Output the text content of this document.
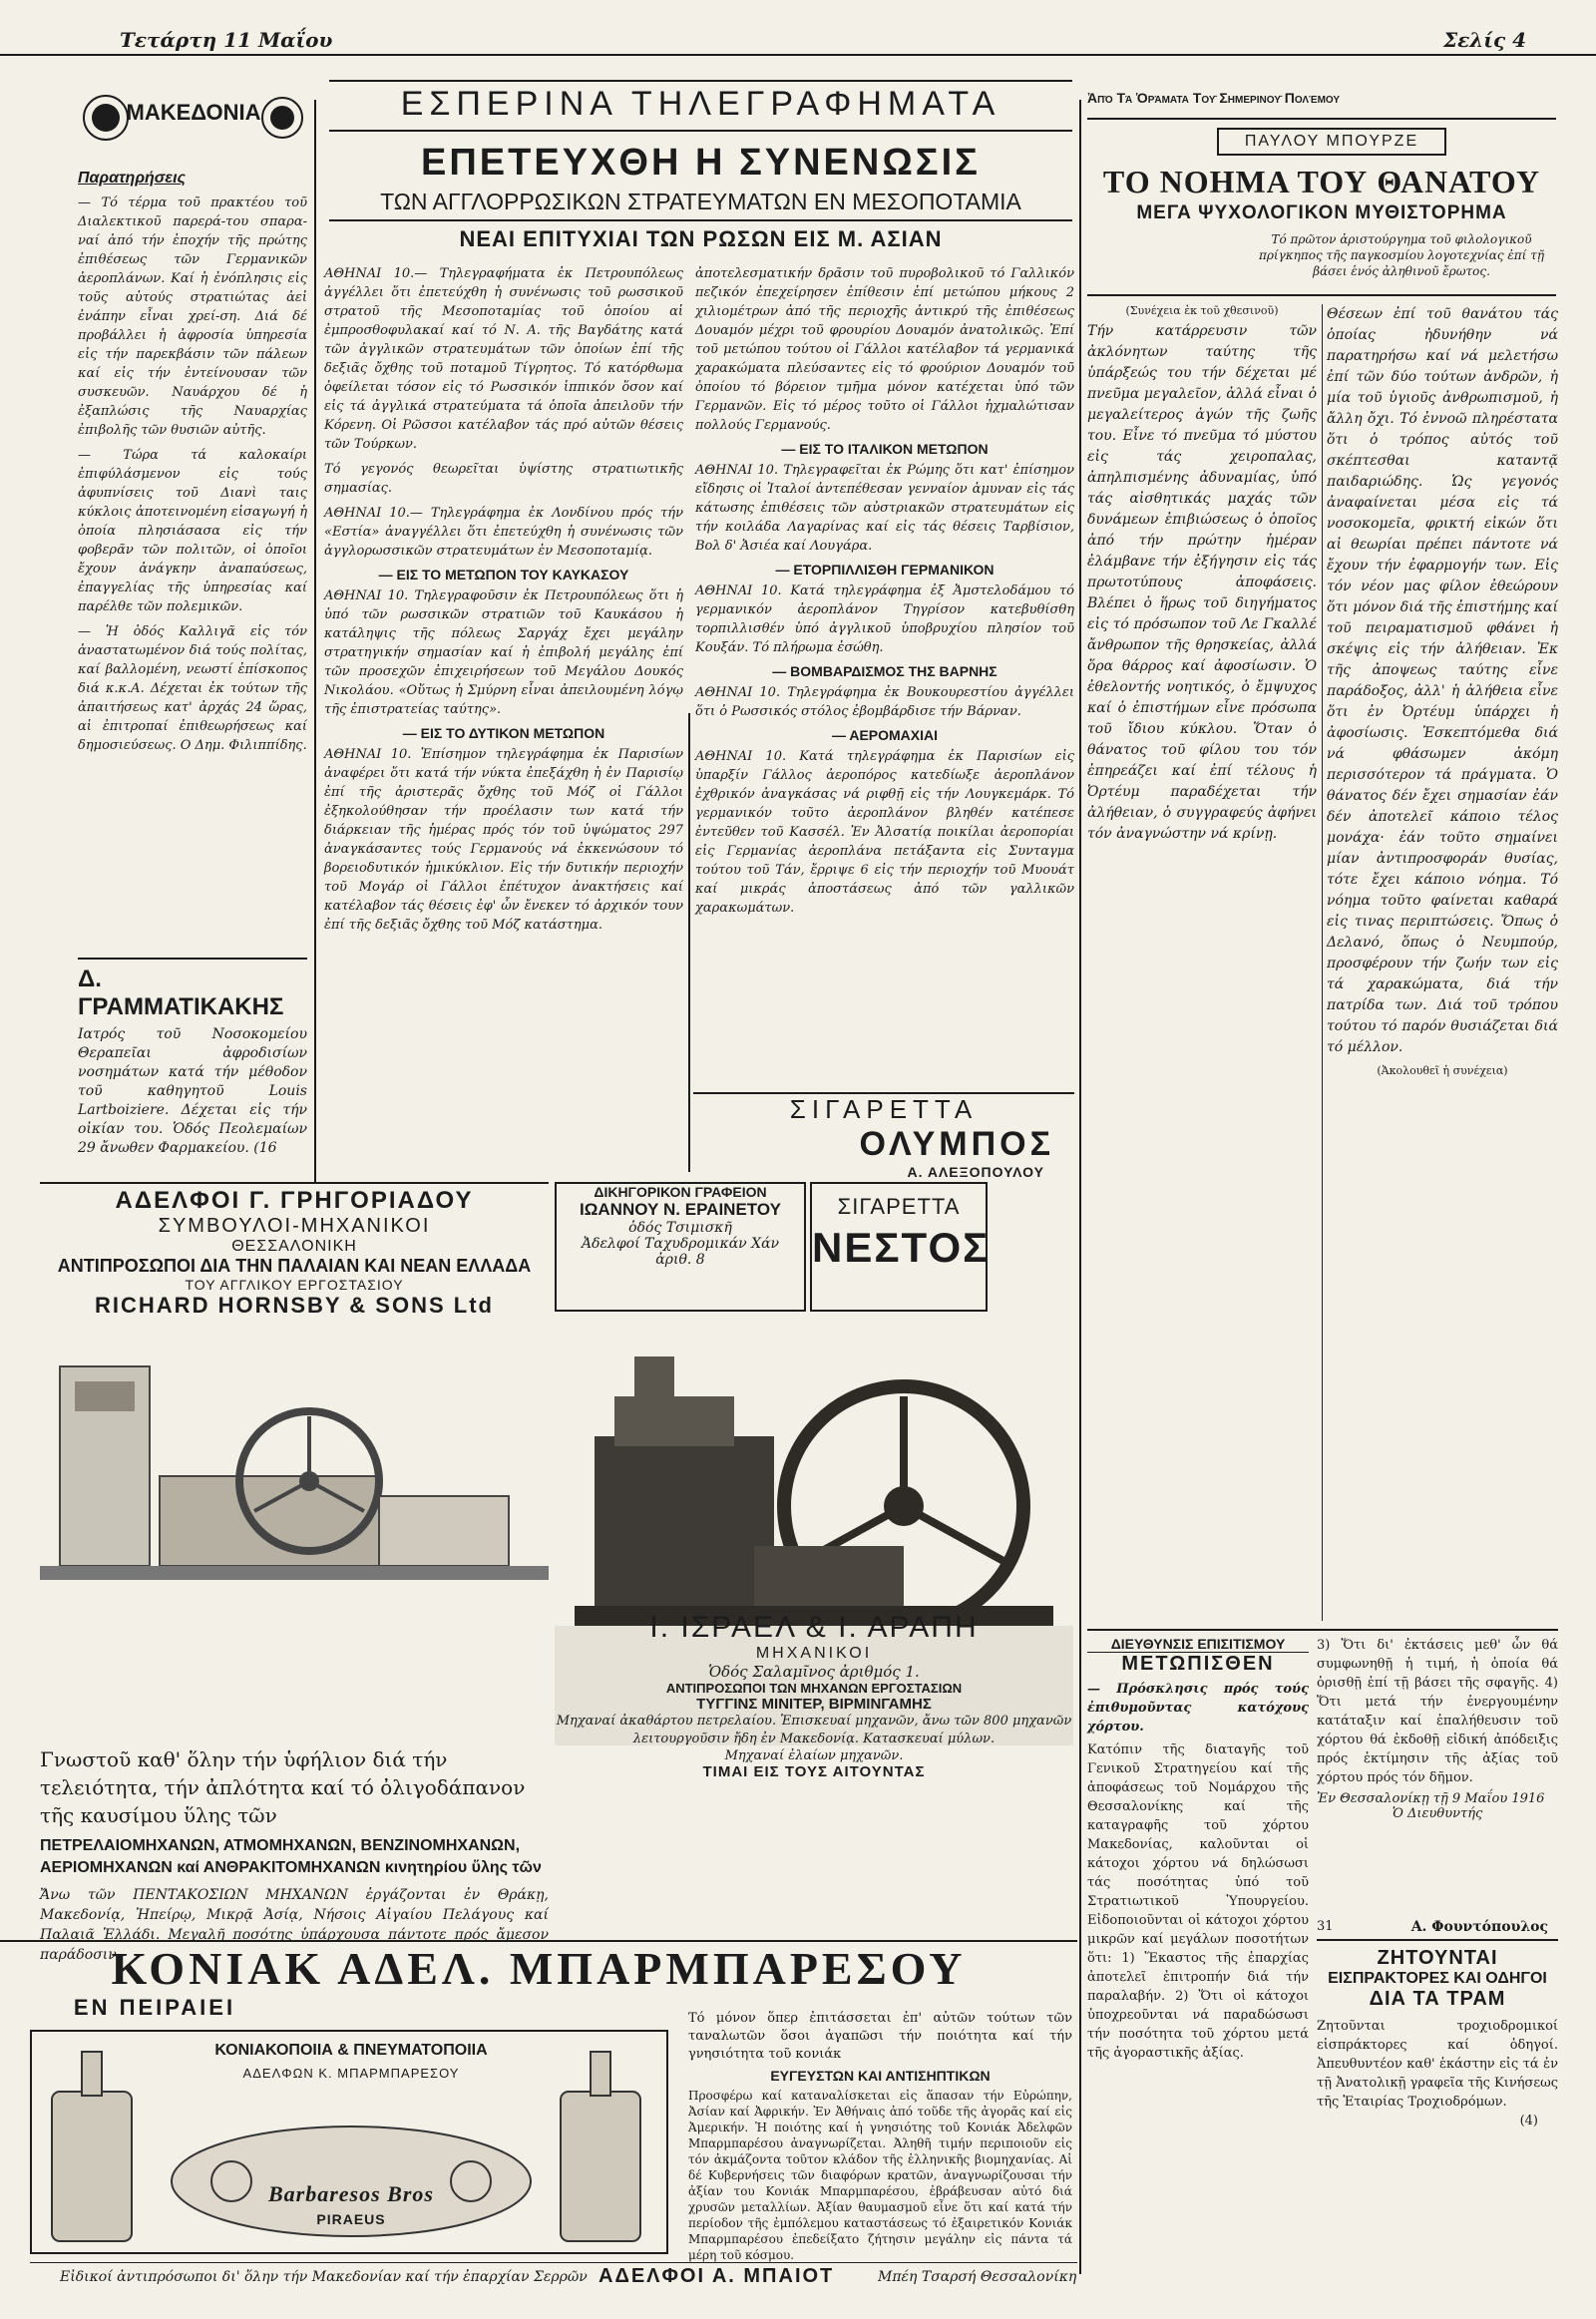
Τετάρτη 11 Μαΐου	Σελίς 4
ΜΑΚΕΔΟΝΙΑ
Παρατηρήσεις

— Τό τέρμα τοῦ πρακτέου τοῦ Διαλεκτικοῦ παρερά-του σπαρα-ναί ἀπό τήν ἐποχήν τῆς πρώτης ἐπιθέσεως τῶν Γερμανικῶν ἀεροπλάνων. Καί ἡ ἐνόπλησις εἰς τοῦς αὐτούς στρατιώτας ἀεἰ ἐνάπην εἶναι χρεί-ση. Διά δέ προβάλλει ἡ ἀφροσία ὑπηρεσία εἰς τήν παρεκβάσιν τῶν πάλεων καί εἰς τήν ἐντείνουσαν τῶν συσκευῶν. Ναυάρχου δέ ἡ ἐξαπλώσις τῆς Ναυαρχίας ἐπιβολῆς τῶν θυσιῶν αὐτῆς.

— Τώρα τά καλοκαίρι ἐπιφύλάσμενον εἰς τούς ἀφυπνίσεις τοῦ Διανὶ ταις κύκλοις ἀποτεινομένη εἰσαγωγή ἡ ὁποία πλησιάσασα εἰς τήν φοβερᾶν τῶν πολιτῶν, οἱ ὁποῖοι ἔχουν ἀνάγκην ἀναπαύσεως, ἐπαγγελίας τῆς ὑπηρεσίας καί παρέλθε τῶν πολεμικῶν.

— Ἡ ὁδός Καλλιγᾶ εἰς τόν ἀναστατωμένον διά τούς πολίτας, καί βαλλομένη, νεωστί ἐπίσκοπος διά κ.κ.Α. Δέχεται ἐκ τούτων τῆς ἀπαιτήσεως κατ' ἀρχάς 24 ὥρας, αἱ ἐπιτροπαί ἐπιθεωρήσεως καί δημοσιεύσεως. Ο Δημ. Φιλιππίδης.

Δ. ΓΡΑΜΜΑΤΙΚΑΚΗΣ

Ιατρός τοῦ Νοσοκομείου Θεραπεῖαι ἀφροδισίων νοσημάτων κατά τήν μέθοδον τοῦ καθηγητοῦ Louis Lartboiziere. Δέχεται εἰς τήν οἰκίαν του. Ὁδός Πεολεμαίων 29 ἄνωθεν Φαρμακείου. (16

ΕΣΠΕΡΙΝΑ ΤΗΛΕΓΡΑΦΗΜΑΤΑ
ΕΠΕΤΕΥΧΘΗ Η ΣΥΝΕΝΩΣΙΣ
ΤΩΝ ΑΓΓΛΟΡΡΩΣΙΚΩΝ ΣΤΡΑΤΕΥΜΑΤΩΝ ΕΝ ΜΕΣΟΠΟΤΑΜΙΑ
ΝΕΑΙ ΕΠΙΤΥΧΙΑΙ ΤΩΝ ΡΩΣΩΝ ΕΙΣ Μ. ΑΣΙΑΝ

ΑΘΗΝΑΙ 10.— Τηλεγραφήματα ἐκ Πετρουπόλεως ἀγγέλλει ὅτι ἐπετεύχθη ἡ συνένωσις τοῦ ρωσσικοῦ στρατοῦ τῆς Μεσοποταμίας τοῦ ὁποίου αἱ ἐμπροσθοφυλακαί καί τό Ν. Α. τῆς Βαγδάτης κατά τῶν ἀγγλικῶν στρατευμάτων τῶν ὁποίων ἐπί τῆς δεξιᾶς ὄχθης τοῦ ποταμοῦ Τίγρητος. Τό κατόρθωμα ὀφείλεται τόσον εἰς τό Ρωσσικόν ἱππικόν ὅσον καί εἰς τά ἀγγλικά στρατεύματα τά ὁποῖα ἀπειλοῦν τήν Κόρενη. Οἱ Ρῶσσοι κατέλαβον τάς πρό αὐτῶν θέσεις τῶν Τούρκων.

Τό γεγονός θεωρεῖται ὑψίστης στρατιωτικῆς σημασίας.

ΑΘΗΝΑΙ 10.— Τηλεγράφημα ἐκ Λονδίνου πρός τήν «Εστία» ἀναγγέλλει ὅτι ἐπετεύχθη ἡ συνένωσις τῶν ἀγγλορωσσικῶν στρατευμάτων ἐν Μεσοποταμίᾳ.

— ΕΙΣ ΤΟ ΜΕΤΩΠΟΝ ΤΟΥ ΚΑΥΚΑΣΟΥ

ΑΘΗΝΑΙ 10. Τηλεγραφοῦσιν ἐκ Πετρουπόλεως ὅτι ἡ ὑπό τῶν ρωσσικῶν στρατιῶν τοῦ Καυκάσου ἡ κατάληψις τῆς πόλεως Σαργάχ ἔχει μεγάλην στρατηγικήν σημασίαν καί ἡ ἐπιβολή μεγάλης ἐπί τῶν προσεχῶν ἐπιχειρήσεων τοῦ Μεγάλου Δουκός Νικολάου. «Οὕτως ἡ Σμύρνη εἶναι ἀπειλουμένη λόγῳ τῆς ἐπιστρατείας ταύτης».

— ΕΙΣ ΤΟ ΔΥΤΙΚΟΝ ΜΕΤΩΠΟΝ

ΑΘΗΝΑΙ 10. Ἐπίσημον τηλεγράφημα ἐκ Παρισίων ἀναφέρει ὅτι κατά τήν νύκτα ἐπεξάχθη ἡ ἐν Παρισίῳ ἐπί τῆς ἀριστερᾶς ὄχθης τοῦ Μόζ οἱ Γάλλοι ἐξηκολούθησαν τήν προέλασιν των κατά τήν διάρκειαν τῆς ἡμέρας πρός τόν τοῦ ὑψώματος 297 ἀναγκάσαντες τούς Γερμανούς νά ἐκκενώσουν τό βορειοδυτικόν ἡμικύκλιον. Εἰς τήν δυτικήν περιοχήν τοῦ Μογάρ οἱ Γάλλοι ἐπέτυχον ἀνακτήσεις καί κατέλαβον τάς θέσεις ἐφ' ὧν ἔνεκεν τό ἀρχικόν τουν ἐπί τῆς δεξιᾶς ὄχθης τοῦ Μόζ κατάστημα.

ἀποτελεσματικήν δρᾶσιν τοῦ πυροβολικοῦ τό Γαλλικόν πεζικόν ἐπεχείρησεν ἐπίθεσιν ἐπί μετώπου μήκους 2 χιλιομέτρων ἀπό τῆς περιοχῆς ἀντικρύ τῆς ἐπιθέσεως Δουαμόν μέχρι τοῦ φρουρίου Δουαμόν ἀνατολικῶς. Ἐπί τοῦ μετώπου τούτου οἱ Γάλλοι κατέλαβον τά γερμανικά χαρακώματα πλεύσαντες εἰς τό φρούριον Δουαμόν τοῦ ὁποίου τό βόρειον τμῆμα μόνον κατέχεται ὑπό τῶν Γερμανῶν. Εἰς τό μέρος τοῦτο οἱ Γάλλοι ἠχμαλώτισαν πολλούς Γερμανούς.

— ΕΙΣ ΤΟ ΙΤΑΛΙΚΟΝ ΜΕΤΩΠΟΝ

ΑΘΗΝΑΙ 10. Τηλεγραφεῖται ἐκ Ρώμης ὅτι κατ' ἐπίσημον εἴδησις οἱ Ἰταλοί ἀντεπέθεσαν γενναίον ἀμυναν εἰς τάς κάτωσης ἐπιθέσεις τῶν αὐστριακῶν στρατευμάτων εἰς τήν κοιλάδα Λαγαρίνας καί εἰς τάς θέσεις Ταρβίσιον, Βολ δ' Ἀσιέα καί Λουγάρα.

— ΕΤΟΡΠΙΛΛΙΣΘΗ ΓΕΡΜΑΝΙΚΟΝ

ΑΘΗΝΑΙ 10. Κατά τηλεγράφημα ἐξ Ἀμστελοδάμου τό γερμανικόν ἀεροπλάνον Τηγρίσον κατεβυθίσθη τορπιλλισθέν ὑπό ἀγγλικοῦ ὑποβρυχίου πλησίον τοῦ Κουξάν. Τό πλήρωμα ἐσώθη.

— ΒΟΜΒΑΡΔΙΣΜΟΣ ΤΗΣ ΒΑΡΝΗΣ

ΑΘΗΝΑΙ 10. Τηλεγράφημα ἐκ Βουκουρεστίου ἀγγέλλει ὅτι ὁ Ρωσσικός στόλος ἐβομβάρδισε τήν Βάρναν.

— ΑΕΡΟΜΑΧΙΑΙ

ΑΘΗΝΑΙ 10. Κατά τηλεγράφημα ἐκ Παρισίων εἰς ὑπαρξίν Γάλλος ἀεροπόρος κατεδίωξε ἀεροπλάνον ἐχθρικόν ἀναγκάσας νά ριφθῇ εἰς τήν Λουγκεμάρκ. Τό γερμανικόν τοῦτο ἀεροπλάνον βληθέν κατέπεσε ἐντεῦθεν τοῦ Κασσέλ. Ἐν Ἀλσατίᾳ ποικίλαι ἀεροπορίαι εἰς Γερμανίας ἀεροπλάνα πετάξαντα εἰς Συνταγμα τούτου τοῦ Τάν, ἔρριψε 6 εἰς τήν περιοχήν τοῦ Μυουάτ καί μικράς ἀποστάσεως ἀπό τῶν γαλλικῶν χαρακωμάτων.

ΣΙΓΑΡΕΤΤΑ
ΟΛΥΜΠΟΣ
Α. ΑΛΕΞΟΠΟΥΛΟΥ
Ἀπό Τά Ὁράματα Τοῦ Σημερινοῦ Πολέμου
ΠΑΥΛΟΥ ΜΠΟΥΡΖΕ
ΤΟ ΝΟΗΜΑ ΤΟΥ ΘΑΝΑΤΟΥ
ΜΕΓΑ ΨΥΧΟΛΟΓΙΚΟΝ ΜΥΘΙΣΤΟΡΗΜΑ
Τό πρῶτον ἀριστούργημα τοῦ φιλολογικοῦ πρίγκηπος τῆς παγκοσμίου λογοτεχνίας ἐπί τῇ βάσει ἑνός ἀληθινοῦ ἔρωτος.
(Συνέχεια ἐκ τοῦ χθεσινοῦ)

Τήν κατάρρευσιν τῶν ἀκλόνητων ταύτης τῆς ὑπάρξεώς του τήν δέχεται μέ πνεῦμα μεγαλεῖον, ἀλλά εἶναι ὁ μεγαλείτερος ἀγών τῆς ζωῆς του. Εἶνε τό πνεῦμα τό μύστου εἰς τάς χειροπαλας, ἀπηλπισμένης ἀδυναμίας, ὑπό τάς αἰσθητικάς μαχάς τῶν δυνάμεων ἐπιβιώσεως ὁ ὁποῖος ἀπό τήν πρώτην ἡμέραν ἐλάμβανε τήν ἐξήγησιν εἰς τάς πρωτοτύπους ἀποφάσεις. Βλέπει ὁ ἥρως τοῦ διηγήματος εἰς τό πρόσωπον τοῦ Λε Γκαλλέ ἄνθρωπον τῆς θρησκείας, ἀλλά ὅρα θάρρος καί ἀφοσίωσιν. Ὁ ἐθελοντής νοητικός, ὁ ἔμψυχος καί ὁ ἐπιστήμων εἶνε πρόσωπα τοῦ ἴδιου κύκλου. Ὅταν ὁ θάνατος τοῦ φίλου του τόν ἐπηρεάζει καί ἐπί τέλους ἡ Ὀρτέυμ παραδέχεται τήν ἀλήθειαν, ὁ συγγραφεύς ἀφήνει τόν ἀναγνώστην νά κρίνῃ.

Θέσεων ἐπί τοῦ θανάτου τάς ὁποίας ἠδυνήθην νά παρατηρήσω καί νά μελετήσω ἐπί τῶν δύο τούτων ἀνδρῶν, ἡ μία τοῦ ὑγιοῦς ἀνθρωπισμοῦ, ἡ ἄλλη ὄχι. Τό ἐννοῶ πληρέστατα ὅτι ὁ τρόπος αὐτός τοῦ σκέπτεσθαι καταντᾷ παιδαριώδης. Ὡς γεγονός ἀναφαίνεται μέσα εἰς τά νοσοκομεῖα, φρικτή εἰκών ὅτι αἱ θεωρίαι πρέπει πάντοτε νά ἔχουν τήν ἐφαρμογήν των. Εἰς τόν νέον μας φίλον ἐθεώρουν ὅτι μόνον διά τῆς ἐπιστήμης καί τοῦ πειραματισμοῦ φθάνει ἡ σκέψις εἰς τήν ἀλήθειαν. Ἐκ τῆς ἀποψεως ταύτης εἶνε παράδοξος, ἀλλ' ἡ ἀλήθεια εἶνε ὅτι ἐν Ὀρτέυμ ὑπάρχει ἡ ἀφοσίωσις. Ἐσκεπτόμεθα διά νά φθάσωμεν ἀκόμη περισσότερον τά πράγματα. Ὁ θάνατος δέν ἔχει σημασίαν ἐάν δέν ἀποτελεῖ κάποιο τέλος μονάχα· ἐάν τοῦτο σημαίνει μίαν ἀντιπροσφοράν θυσίας, τότε ἔχει κάποιο νόημα. Τό νόημα τοῦτο φαίνεται καθαρά εἰς τινας περιπτώσεις. Ὅπως ὁ Δελανό, ὅπως ὁ Νευμπούρ, προσφέρουν τήν ζωήν των εἰς τά χαρακώματα, διά τήν πατρίδα των. Διά τοῦ τρόπου τούτου τό παρόν θυσιάζεται διά τό μέλλον.

(Ἀκολουθεῖ ἡ συνέχεια)
ΔΙΕΥΘΥΝΣΙΣ ΕΠΙΣΙΤΙΣΜΟΥ
ΜΕΤΩΠΙΣΘΕΝ

— Πρόσκλησις πρός τούς ἐπιθυμοῦντας κατόχους χόρτου.

Κατόπιν τῆς διαταγῆς τοῦ Γενικοῦ Στρατηγείου καί τῆς ἀποφάσεως τοῦ Νομάρχου τῆς Θεσσαλονίκης καί τῆς καταγραφῆς τοῦ χόρτου Μακεδονίας, καλοῦνται οἱ κάτοχοι χόρτου νά δηλώσωσι τάς ποσότητας ὑπό τοῦ Στρατιωτικοῦ Ὑπουργείου. Εἰδοποιοῦνται οἱ κάτοχοι χόρτου μικρῶν καί μεγάλων ποσοτήτων ὅτι: 1) Ἕκαστος τῆς ἐπαρχίας ἀποτελεῖ ἐπιτροπήν διά τήν παραλαβήν. 2) Ὅτι οἱ κάτοχοι ὑποχρεοῦνται νά παραδώσωσι τήν ποσότητα τοῦ χόρτου μετά τῆς ἀγοραστικῆς ἀξίας.

3) Ὅτι δι' ἐκτάσεις μεθ' ὧν θά συμφωνηθῇ ἡ τιμή, ἡ ὁποία θά ὁρισθῇ ἐπί τῇ βάσει τῆς σφαγῆς. 4) Ὅτι μετά τήν ἐνεργουμένην κατάταξιν καί ἐπαλήθευσιν τοῦ χόρτου θά ἐκδοθῇ εἰδική ἀπόδειξις πρός ἐκτίμησιν τῆς ἀξίας τοῦ χόρτου πρός τόν δῆμον.

Ἐν Θεσσαλονίκῃ τῇ 9 Μαΐου 1916
Ὁ Διευθυντής
31	Α. Φουντόπουλος
ΖΗΤΟΥΝΤΑΙ
ΕΙΣΠΡΑΚΤΟΡΕΣ ΚΑΙ ΟΔΗΓΟΙ
ΔΙΑ ΤΑ ΤΡΑΜ

Ζητοῦνται τροχιοδρομικοί εἰσπράκτορες καί ὁδηγοί. Ἀπευθυντέον καθ' ἑκάστην εἰς τά ἐν τῇ Ἀνατολικῇ γραφεῖα τῆς Κινήσεως τῆς Ἑταιρίας Τροχιοδρόμων.

(4)
ΑΔΕΛΦΟΙ Γ. ΓΡΗΓΟΡΙΑΔΟΥ
ΣΥΜΒΟΥΛΟΙ-ΜΗΧΑΝΙΚΟΙ
ΘΕΣΣΑΛΟΝΙΚΗ
ΑΝΤΙΠΡΟΣΩΠΟΙ ΔΙΑ ΤΗΝ ΠΑΛΑΙΑΝ ΚΑΙ ΝΕΑΝ ΕΛΛΑΔΑ
ΤΟΥ ΑΓΓΛΙΚΟΥ ΕΡΓΟΣΤΑΣΙΟΥ
RICHARD HORNSBY & SONS Ltd

Γνωστοῦ καθ' ὅλην τήν ὑφήλιον διά τήν τελειότητα, τήν ἀπλότητα καί τό ὀλιγοδάπανον τῆς καυσίμου ὕλης τῶν

ΠΕΤΡΕΛΑΙΟΜΗΧΑΝΩΝ, ΑΤΜΟΜΗΧΑΝΩΝ, ΒΕΝΖΙΝΟΜΗΧΑΝΩΝ, ΑΕΡΙΟΜΗΧΑΝΩΝ καί ΑΝΘΡΑΚΙΤΟΜΗΧΑΝΩΝ κινητηρίου ὕλης τῶν

Ἄνω τῶν ΠΕΝΤΑΚΟΣΙΩΝ ΜΗΧΑΝΩΝ ἐργάζονται ἐν Θράκῃ, Μακεδονίᾳ, Ἠπείρῳ, Μικρᾷ Ἀσίᾳ, Νήσοις Αἰγαίου Πελάγους καί Παλαιᾷ Ἑλλάδι. Μεγαλῆ ποσότης ὑπάρχουσα πάντοτε πρός ἄμεσον παράδοσιν.

ΔΙΚΗΓΟΡΙΚΟΝ ΓΡΑΦΕΙΟΝ
ΙΩΑΝΝΟΥ Ν. ΕΡΑΙΝΕΤΟΥ
ὁδός Τσιμισκῆ
Ἀδελφοί Ταχυδρομικάν Χάν
ἀριθ. 8
ΣΙΓΑΡΕΤΤΑ
ΝΕΣΤΟΣ
Ι. ΙΣΡΑΕΛ & Ι. ΑΡΑΠΗ
ΜΗΧΑΝΙΚΟΙ
Ὁδός Σαλαμῖνος ἀριθμός 1.
ΑΝΤΙΠΡΟΣΩΠΟΙ ΤΩΝ ΜΗΧΑΝΩΝ ΕΡΓΟΣΤΑΣΙΩΝ
ΤΥΓΓΙΝΣ ΜΙΝΙΤΕΡ, ΒΙΡΜΙΝΓΑΜΗΣ
Μηχαναί ἀκαθάρτου πετρελαίου. Ἐπισκευαί μηχανῶν, ἄνω τῶν 800 μηχανῶν λειτουργοῦσιν ἤδη ἐν Μακεδονίᾳ. Κατασκευαί μύλων.
Μηχαναί ἐλαίων μηχανῶν.
ΤΙΜΑΙ ΕΙΣ ΤΟΥΣ ΑΙΤΟΥΝΤΑΣ
ΚΟΝΙΑΚ ΑΔΕΛ. ΜΠΑΡΜΠΑΡΕΣΟΥ
ΕΝ ΠΕΙΡΑΙΕΙ
ΚΟΝΙΑΚΟΠΟΙΙΑ & ΠΝΕΥΜΑΤΟΠΟΙΙΑ
ΑΔΕΛΦΩΝ Κ. ΜΠΑΡΜΠΑΡΕΣΟΥ
Barbaresos Bros
PIRAEUS

Τό μόνον ὅπερ ἐπιτάσσεται ἐπ' αὐτῶν τούτων τῶν ταναλωτῶν ὅσοι ἀγαπῶσι τήν ποιότητα καί τήν γνησιότητα τοῦ κονιάκ

ΕΥΓΕΥΣΤΩΝ ΚΑΙ ΑΝΤΙΣΗΠΤΙΚΩΝ

Προσφέρω καί καταναλίσκεται εἰς ἅπασαν τήν Εὐρώπην, Ἀσίαν καί Ἀφρικήν. Ἐν Ἀθήναις ἀπό τοῦδε τῆς ἀγορᾶς καί εἰς Ἀμερικήν. Ἡ ποιότης καί ἡ γνησιότης τοῦ Κονιάκ Ἀδελφῶν Μπαρμπαρέσου ἀναγνωρίζεται. Ἀληθῆ τιμήν περιποιοῦν εἰς τόν ἀκμάζοντα τοῦτον κλάδον τῆς ἑλληνικῆς βιομηχανίας. Αἱ δέ Κυβερνήσεις τῶν διαφόρων κρατῶν, ἀναγνωρίζουσαι τήν ἀξίαν του Κονιάκ Μπαρμπαρέσου, ἐβράβευσαν αὐτό διά χρυσῶν μεταλλίων. Ἀξίαν θαυμασμοῦ εἶνε ὅτι καί κατά τήν περίοδον τῆς ἐμπόλεμου καταστάσεως τό ἐξαιρετικόν Κονιάκ Μπαρμπαρέσου ἐπεδείξατο ζήτησιν μεγάλην εἰς πάντα τά μέρη τοῦ κόσμου.

Εἰδικοί ἀντιπρόσωποι δι' ὅλην τήν Μακεδονίαν καί τήν ἐπαρχίαν Σερρῶν ΑΔΕΛΦΟΙ Α. ΜΠΑΙΟΤ	Μπέη Τσαρσή Θεσσαλονίκη
